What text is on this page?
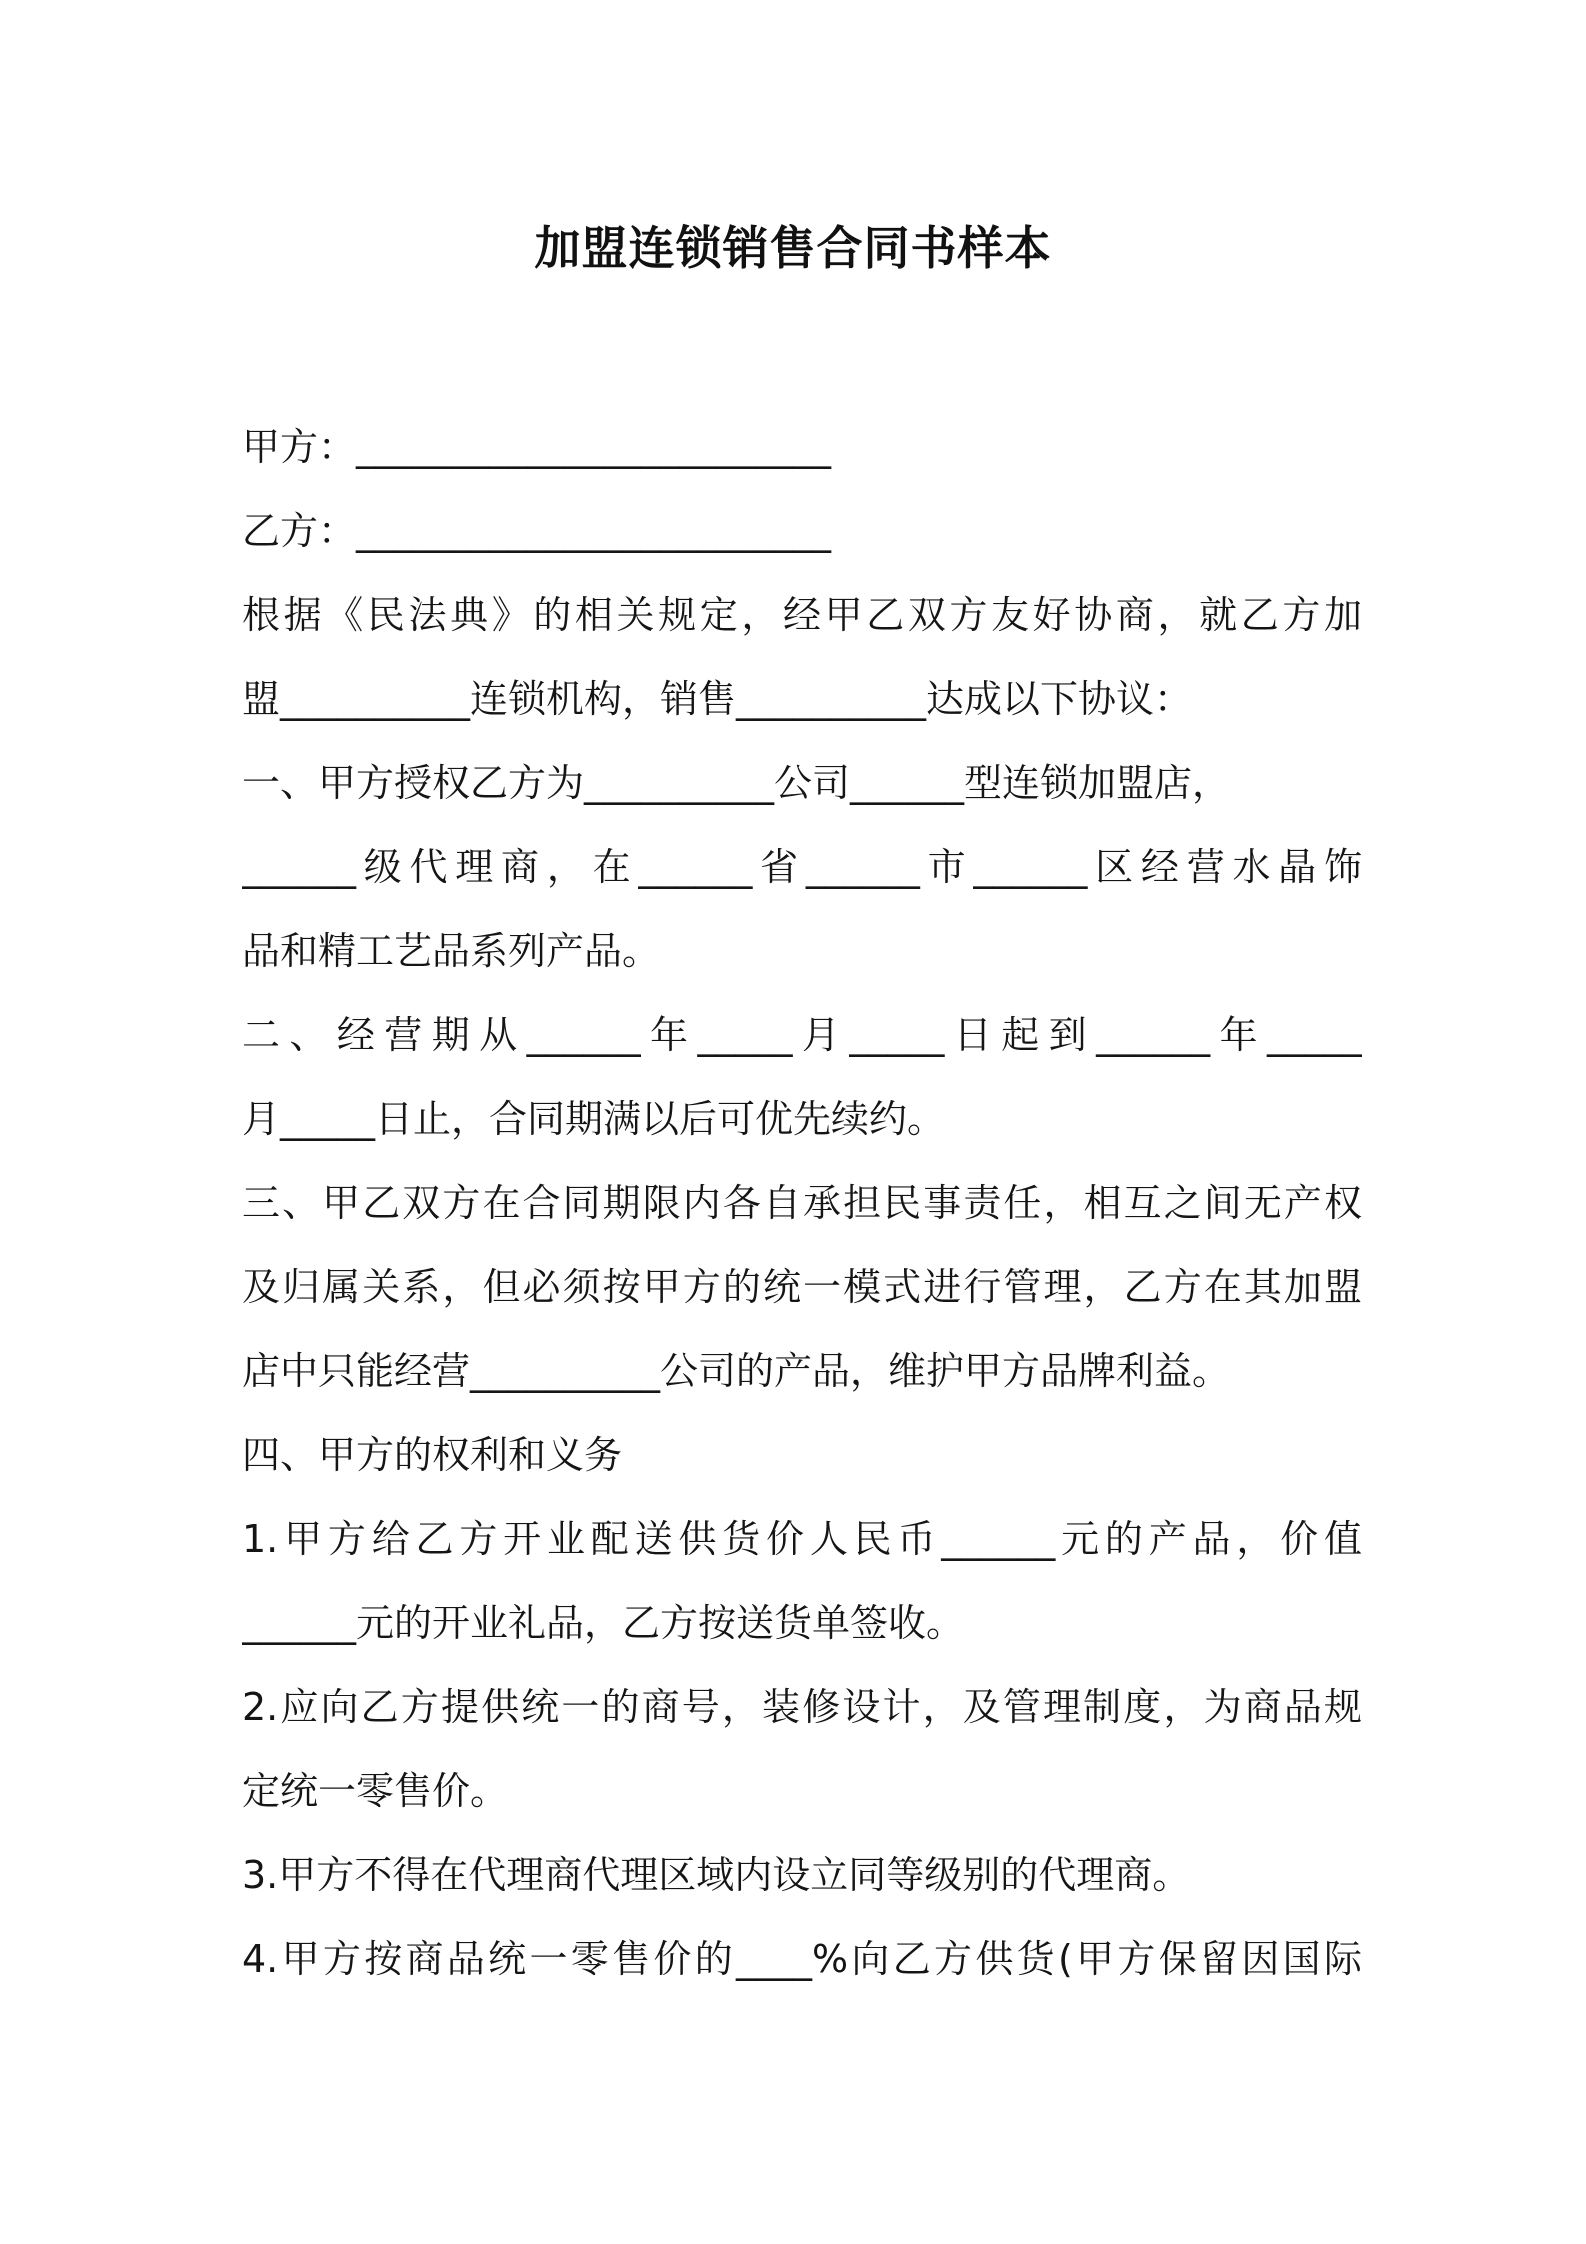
加盟连锁销售合同书样本
甲方：_________________________
乙方：_________________________
根据《民法典》的相关规定，经甲乙双方友好协商，就乙方加
盟__________连锁机构，销售__________达成以下协议：
一、甲方授权乙方为__________公司______型连锁加盟店，
______级代理商，在______省______市______区经营水晶饰
品和精工艺品系列产品。
二、经营期从______年_____月_____日起到______年_____
月_____日止，合同期满以后可优先续约。
三、甲乙双方在合同期限内各自承担民事责任，相互之间无产权
及归属关系，但必须按甲方的统一模式进行管理，乙方在其加盟
店中只能经营__________公司的产品，维护甲方品牌利益。
四、甲方的权利和义务
1.甲方给乙方开业配送供货价人民币______元的产品，价值
______元的开业礼品，乙方按送货单签收。
2.应向乙方提供统一的商号，装修设计，及管理制度，为商品规
定统一零售价。
3.甲方不得在代理商代理区域内设立同等级别的代理商。
4.甲方按商品统一零售价的____%向乙方供货(甲方保留因国际
